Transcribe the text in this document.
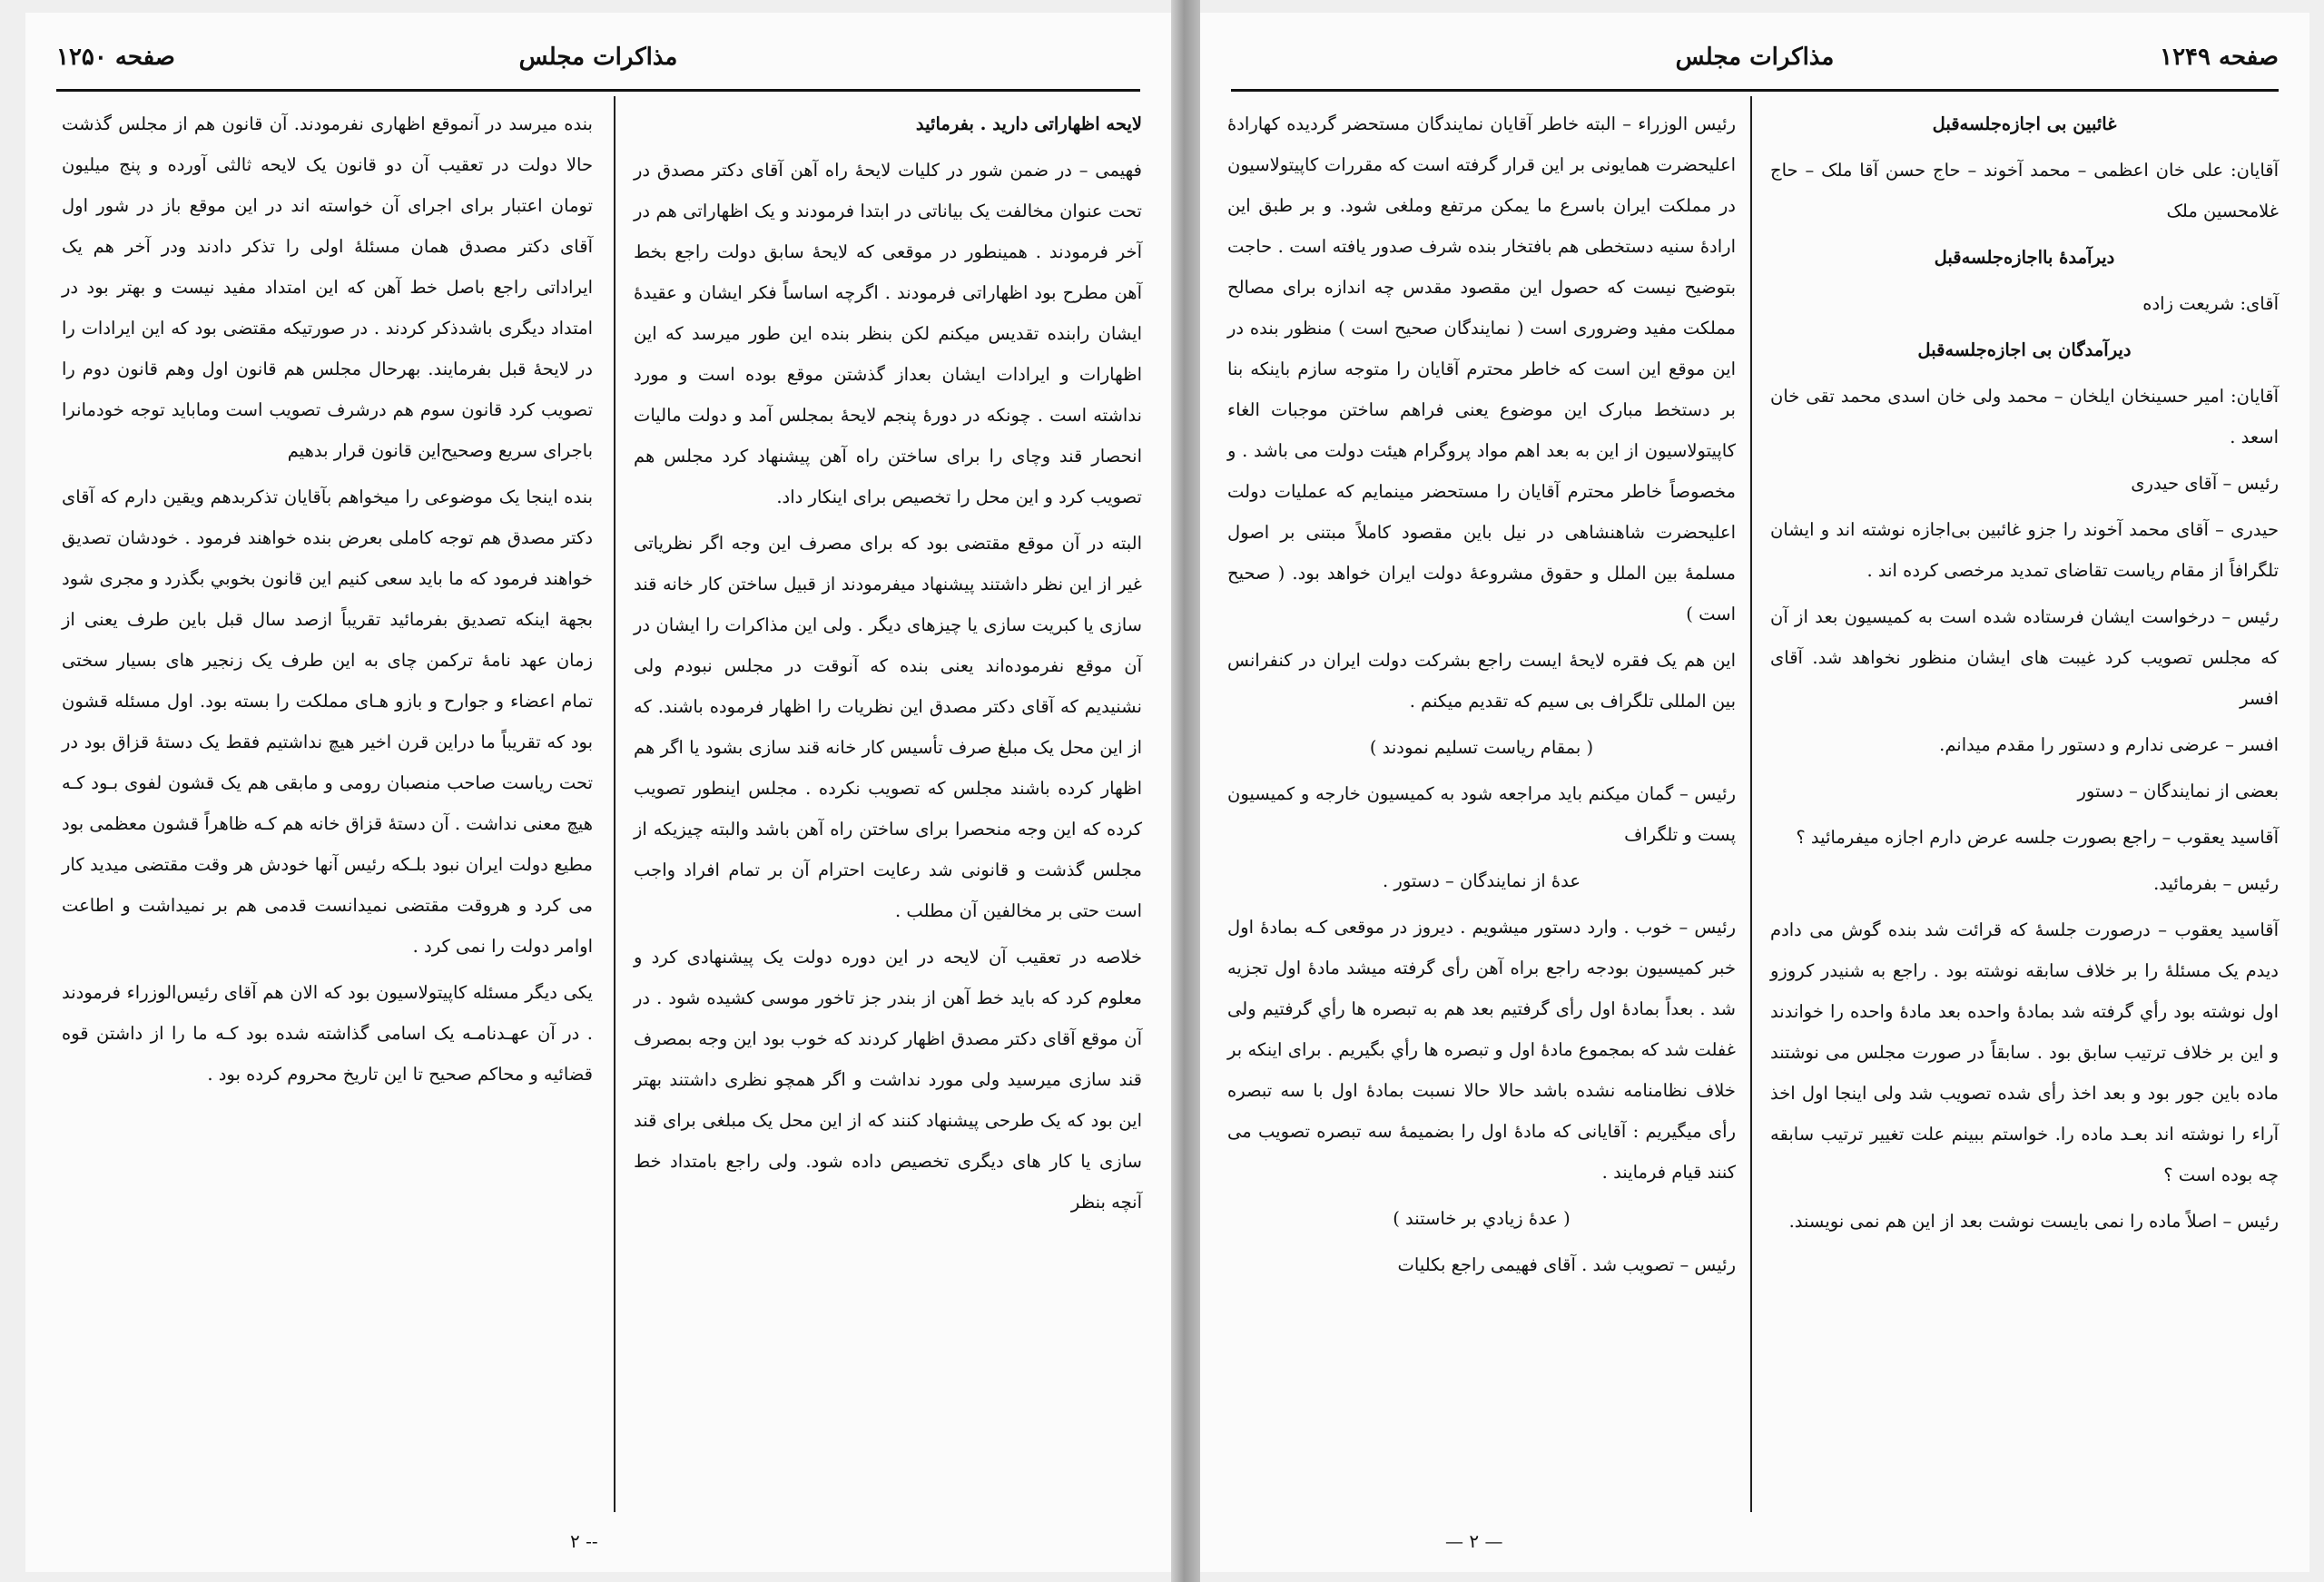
مذاکرات مجلس
صفحه ۱۲۵۰
لایحه اظهاراتی دارید . بفرمائید
فهیمی – در ضمن شور در کلیات لایحهٔ راه آهن آقای دکتر مصدق در تحت عنوان مخالفت یک بیاناتی در ابتدا فرمودند و یک اظهاراتی هم در آخر فرمودند . همینطور در موقعی که لایحهٔ سابق دولت راجع بخط آهن مطرح بود اظهاراتی فرمودند . اگرچه اساساً فکر ایشان و عقیدهٔ ایشان رابنده تقدیس میکنم لکن بنظر بنده این طور میرسد که این اظهارات و ایرادات ایشان بعداز گذشتن موقع بوده است و مورد نداشته است . چونکه در دورهٔ پنجم لایحهٔ بمجلس آمد و دولت مالیات انحصار قند وچای را برای ساختن راه آهن پیشنهاد کرد مجلس هم تصویب کرد و این محل را تخصیص برای اینکار داد.
البته در آن موقع مقتضی بود که برای مصرف این وجه اگر نظریاتی غیر از این نظر داشتند پیشنهاد میفرمودند از قبیل ساختن کار خانه قند سازی یا کبریت سازی یا چیزهای دیگر . ولی این مذاکرات را ایشان در آن موقع نفرموده‌اند یعنی بنده که آنوقت در مجلس نبودم ولی نشنیدیم که آقای دکتر مصدق این نظریات را اظهار فرموده باشند. که از این محل یک مبلغ صرف تأسیس کار خانه قند سازی بشود یا اگر هم اظهار کرده باشند مجلس که تصویب نکرده . مجلس اینطور تصویب کرده که این وجه منحصرا برای ساختن راه آهن باشد والبته چیزیکه از مجلس گذشت و قانونی شد رعایت احترام آن بر تمام افراد واجب است حتی بر مخالفین آن مطلب .
خلاصه در تعقیب آن لایحه در این دوره دولت یک پیشنهادی کرد و معلوم کرد که باید خط آهن از بندر جز تاخور موسی کشیده شود . در آن موقع آقای دکتر مصدق اظهار کردند که خوب بود این وجه بمصرف قند سازی میرسید ولی مورد نداشت و اگر همچو نظری داشتند بهتر این بود که یک طرحی پیشنهاد کنند که از این محل یک مبلغی برای قند سازی یا کار های دیگری تخصیص داده شود. ولی راجع بامتداد خط آنچه بنظر
بنده میرسد در آنموقع اظهاری نفرمودند. آن قانون هم از مجلس گذشت حالا دولت در تعقیب آن دو قانون یک لایحه ثالثی آورده و پنج میلیون تومان اعتبار برای اجرای آن خواسته اند در این موقع باز در شور اول آقای دکتر مصدق همان مسئلهٔ اولی را تذکر دادند ودر آخر هم یک ایراداتی راجع باصل خط آهن که این امتداد مفید نیست و بهتر بود در امتداد دیگری باشدذکر کردند . در صورتیکه مقتضی بود که این ایرادات را در لایحهٔ قبل بفرمایند. بهرحال مجلس هم قانون اول وهم قانون دوم را تصویب کرد قانون سوم هم درشرف تصویب است ومابايد توجه خودمانرا باجرای سریع وصحیح‌این قانون قرار بدهیم
بنده اینجا یک موضوعی را میخواهم بآقایان تذکربدهم ویقین دارم که آقای دکتر مصدق هم توجه کاملی بعرض بنده خواهند فرمود . خودشان تصدیق خواهند فرمود که ما باید سعی کنیم این قانون بخوبي بگذرد و مجری شود بجهة اینکه تصدیق بفرمائید تقریباً ازصد سال قبل باین طرف یعنی از زمان عهد نامهٔ ترکمن چای به این طرف یک زنجیر های بسیار سختی تمام اعضاء و جوارح و بازو هـای مملکت را بسته بود. اول مسئله قشون بود که تقریباً ما دراین قرن اخیر هیچ نداشتیم فقط یک دستهٔ قزاق بود در تحت ریاست صاحب منصبان رومی و مابقی هم یک قشون لفوی بـود کـه هیچ معنی نداشت . آن دستهٔ قزاق خانه هم کـه ظاهراً قشون معظمی بود مطیع دولت ایران نبود بلـکه رئیس آنها خودش هر وقت مقتضی میدید کار می کرد و هروقت مقتضی نمیدانست قدمی هم بر نمیداشت و اطاعت اوامر دولت را نمی کرد .
یکی دیگر مسئله کاپیتولاسیون بود که الان هم آقای رئیس‌الوزراء فرمودند . در آن عهـدنامـه یک اسامی گذاشته شده بود کـه ما را از داشتن قوه قضائیه و محاکم صحیح تا این تاریخ محروم کرده بود .
۲ --
مذاکرات مجلس	صفحه ۱۲۴۹
غائبین بی اجازه‌جلسه‌قبل
آقایان: علی خان اعظمی – محمد آخوند – حاج حسن آقا ملک – حاج غلامحسین ملک
دیرآمدهٔ بااجازه‌جلسه‌قبل
آقای: شریعت زاده
دیرآمدگان بی اجازه‌جلسه‌قبل
آقایان: امیر حسینخان ایلخان – محمد ولی خان اسدی محمد تقی خان اسعد .
رئیس – آقای حیدری
حیدری – آقای محمد آخوند را جزو غائبین بی‌اجازه نوشته اند و ایشان تلگرافاً از مقام ریاست تقاضای تمدید مرخصی کرده اند .
رئیس – درخواست ایشان فرستاده شده است به کمیسیون بعد از آن که مجلس تصویب کرد غیبت های ایشان منظور نخواهد شد. آقای افسر
افسر – عرضی ندارم و دستور را مقدم میدانم.
بعضی از نمایندگان – دستور
آقاسید یعقوب – راجع بصورت جلسه عرض دارم اجازه میفرمائید ؟
رئیس – بفرمائید.
آقاسید یعقوب – درصورت جلسهٔ که قرائت شد بنده گوش می دادم دیدم یک مسئلهٔ را بر خلاف سابقه نوشته بود . راجع به شنیدر کروزو اول نوشته بود رأي گرفته شد بمادهٔ واحده بعد مادهٔ واحده را خواندند و این بر خلاف ترتیب سابق بود . سابقاً در صورت مجلس می نوشتند ماده باین جور بود و بعد اخذ رأی شده تصویب شد ولی اینجا اول اخذ آراء را نوشته اند بعـد ماده را. خواستم ببینم علت تغییر ترتیب سابقه چه بوده است ؟
رئیس – اصلاً ماده را نمی بایست نوشت بعد از این هم نمی نویسند.
رئیس الوزراء – البته خاطر آقایان نمایندگان مستحضر گردیده کهارادهٔ اعلیحضرت همایونی بر این قرار گرفته است که مقررات کاپیتولاسیون در مملکت ایران باسرع ما یمکن مرتفع وملغی شود. و بر طبق این ارادهٔ سنیه دستخطی هم بافتخار بنده شرف صدور یافته است . حاجت بتوضیح نیست که حصول این مقصود مقدس چه اندازه برای مصالح مملکت مفید وضروری است ( نمایندگان صحیح است ) منظور بنده در این موقع این است که خاطر محترم آقایان را متوجه سازم باینکه بنا بر دستخط مبارک این موضوع یعنی فراهم ساختن موجبات الغاء کاپیتولاسیون از این به بعد اهم مواد پروگرام هیئت دولت می باشد . و مخصوصاً خاطر محترم آقایان را مستحضر مینمایم که عملیات دولت اعلیحضرت شاهنشاهی در نیل باین مقصود کاملاً مبتنی بر اصول مسلمهٔ بین الملل و حقوق مشروعهٔ دولت ایران خواهد بود. ( صحیح است )
این هم یک فقره لایحهٔ ایست راجع بشرکت دولت ایران در کنفرانس بین المللی تلگراف بی سیم که تقدیم میکنم .
( بمقام ریاست تسلیم نمودند )
رئیس – گمان میکنم باید مراجعه شود به کمیسیون خارجه و کمیسیون پست و تلگراف
عدهٔ از نمایندگان – دستور .
رئیس – خوب . وارد دستور میشویم . دیروز در موقعی کـه بمادهٔ اول خبر کمیسیون بودجه راجع براه آهن رأی گرفته میشد مادهٔ اول تجزیه شد . بعداً بمادهٔ اول رأی گرفتیم بعد هم به تبصره ها رأي گرفتیم ولی غفلت شد که بمجموع مادهٔ اول و تبصره ها رأي بگیریم . برای اینکه بر خلاف نظامنامه نشده باشد حالا حالا نسبت بمادهٔ اول با سه تبصره رأی میگیریم : آقایانی که مادهٔ اول را بضمیمهٔ سه تبصره تصویب می کنند قیام فرمایند .
( عدهٔ زیادي بر خاستند )
رئیس – تصویب شد . آقای فهیمی راجع بکلیات
— ۲ —
